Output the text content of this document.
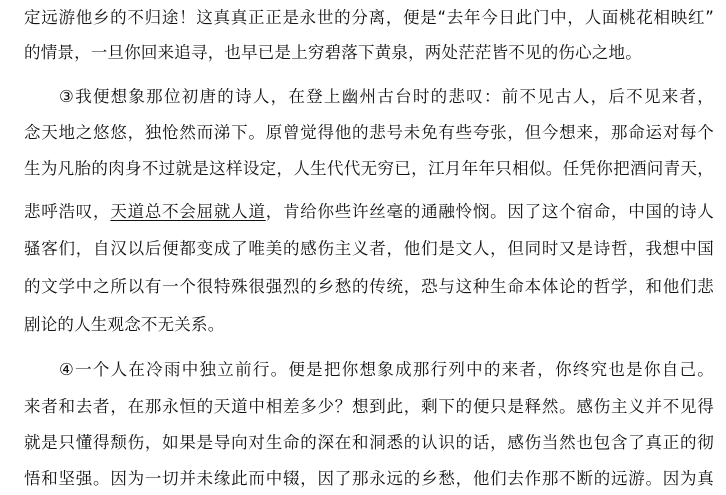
定远游他乡的不归途！这真真正正是永世的分离，便是“去年今日此门中，人面桃花相映红”
的情景，一旦你回来追寻，也早已是上穷碧落下黄泉，两处茫茫皆不见的伤心之地。
③我便想象那位初唐的诗人，在登上幽州古台时的悲叹：前不见古人，后不见来者，
念天地之悠悠，独怆然而涕下。原曾觉得他的悲号未免有些夸张，但今想来，那命运对每个
生为凡胎的肉身不过就是这样设定，人生代代无穷已，江月年年只相似。任凭你把酒问青天，
悲呼浩叹，天道总不会屈就人道，肯给你些许丝毫的通融怜悯。因了这个宿命，中国的诗人
骚客们，自汉以后便都变成了唯美的感伤主义者，他们是文人，但同时又是诗哲，我想中国
的文学中之所以有一个很特殊很强烈的乡愁的传统，恐与这种生命本体论的哲学，和他们悲
剧论的人生观念不无关系。
④一个人在冷雨中独立前行。便是把你想象成那行列中的来者，你终究也是你自己。
来者和去者，在那永恒的天道中相差多少？想到此，剩下的便只是释然。感伤主义并不见得
就是只懂得颓伤，如果是导向对生命的深在和洞悉的认识的话，感伤当然也包含了真正的彻
悟和坚强。因为一切并未缘此而中辍，因了那永远的乡愁，他们去作那不断的远游。因为真
